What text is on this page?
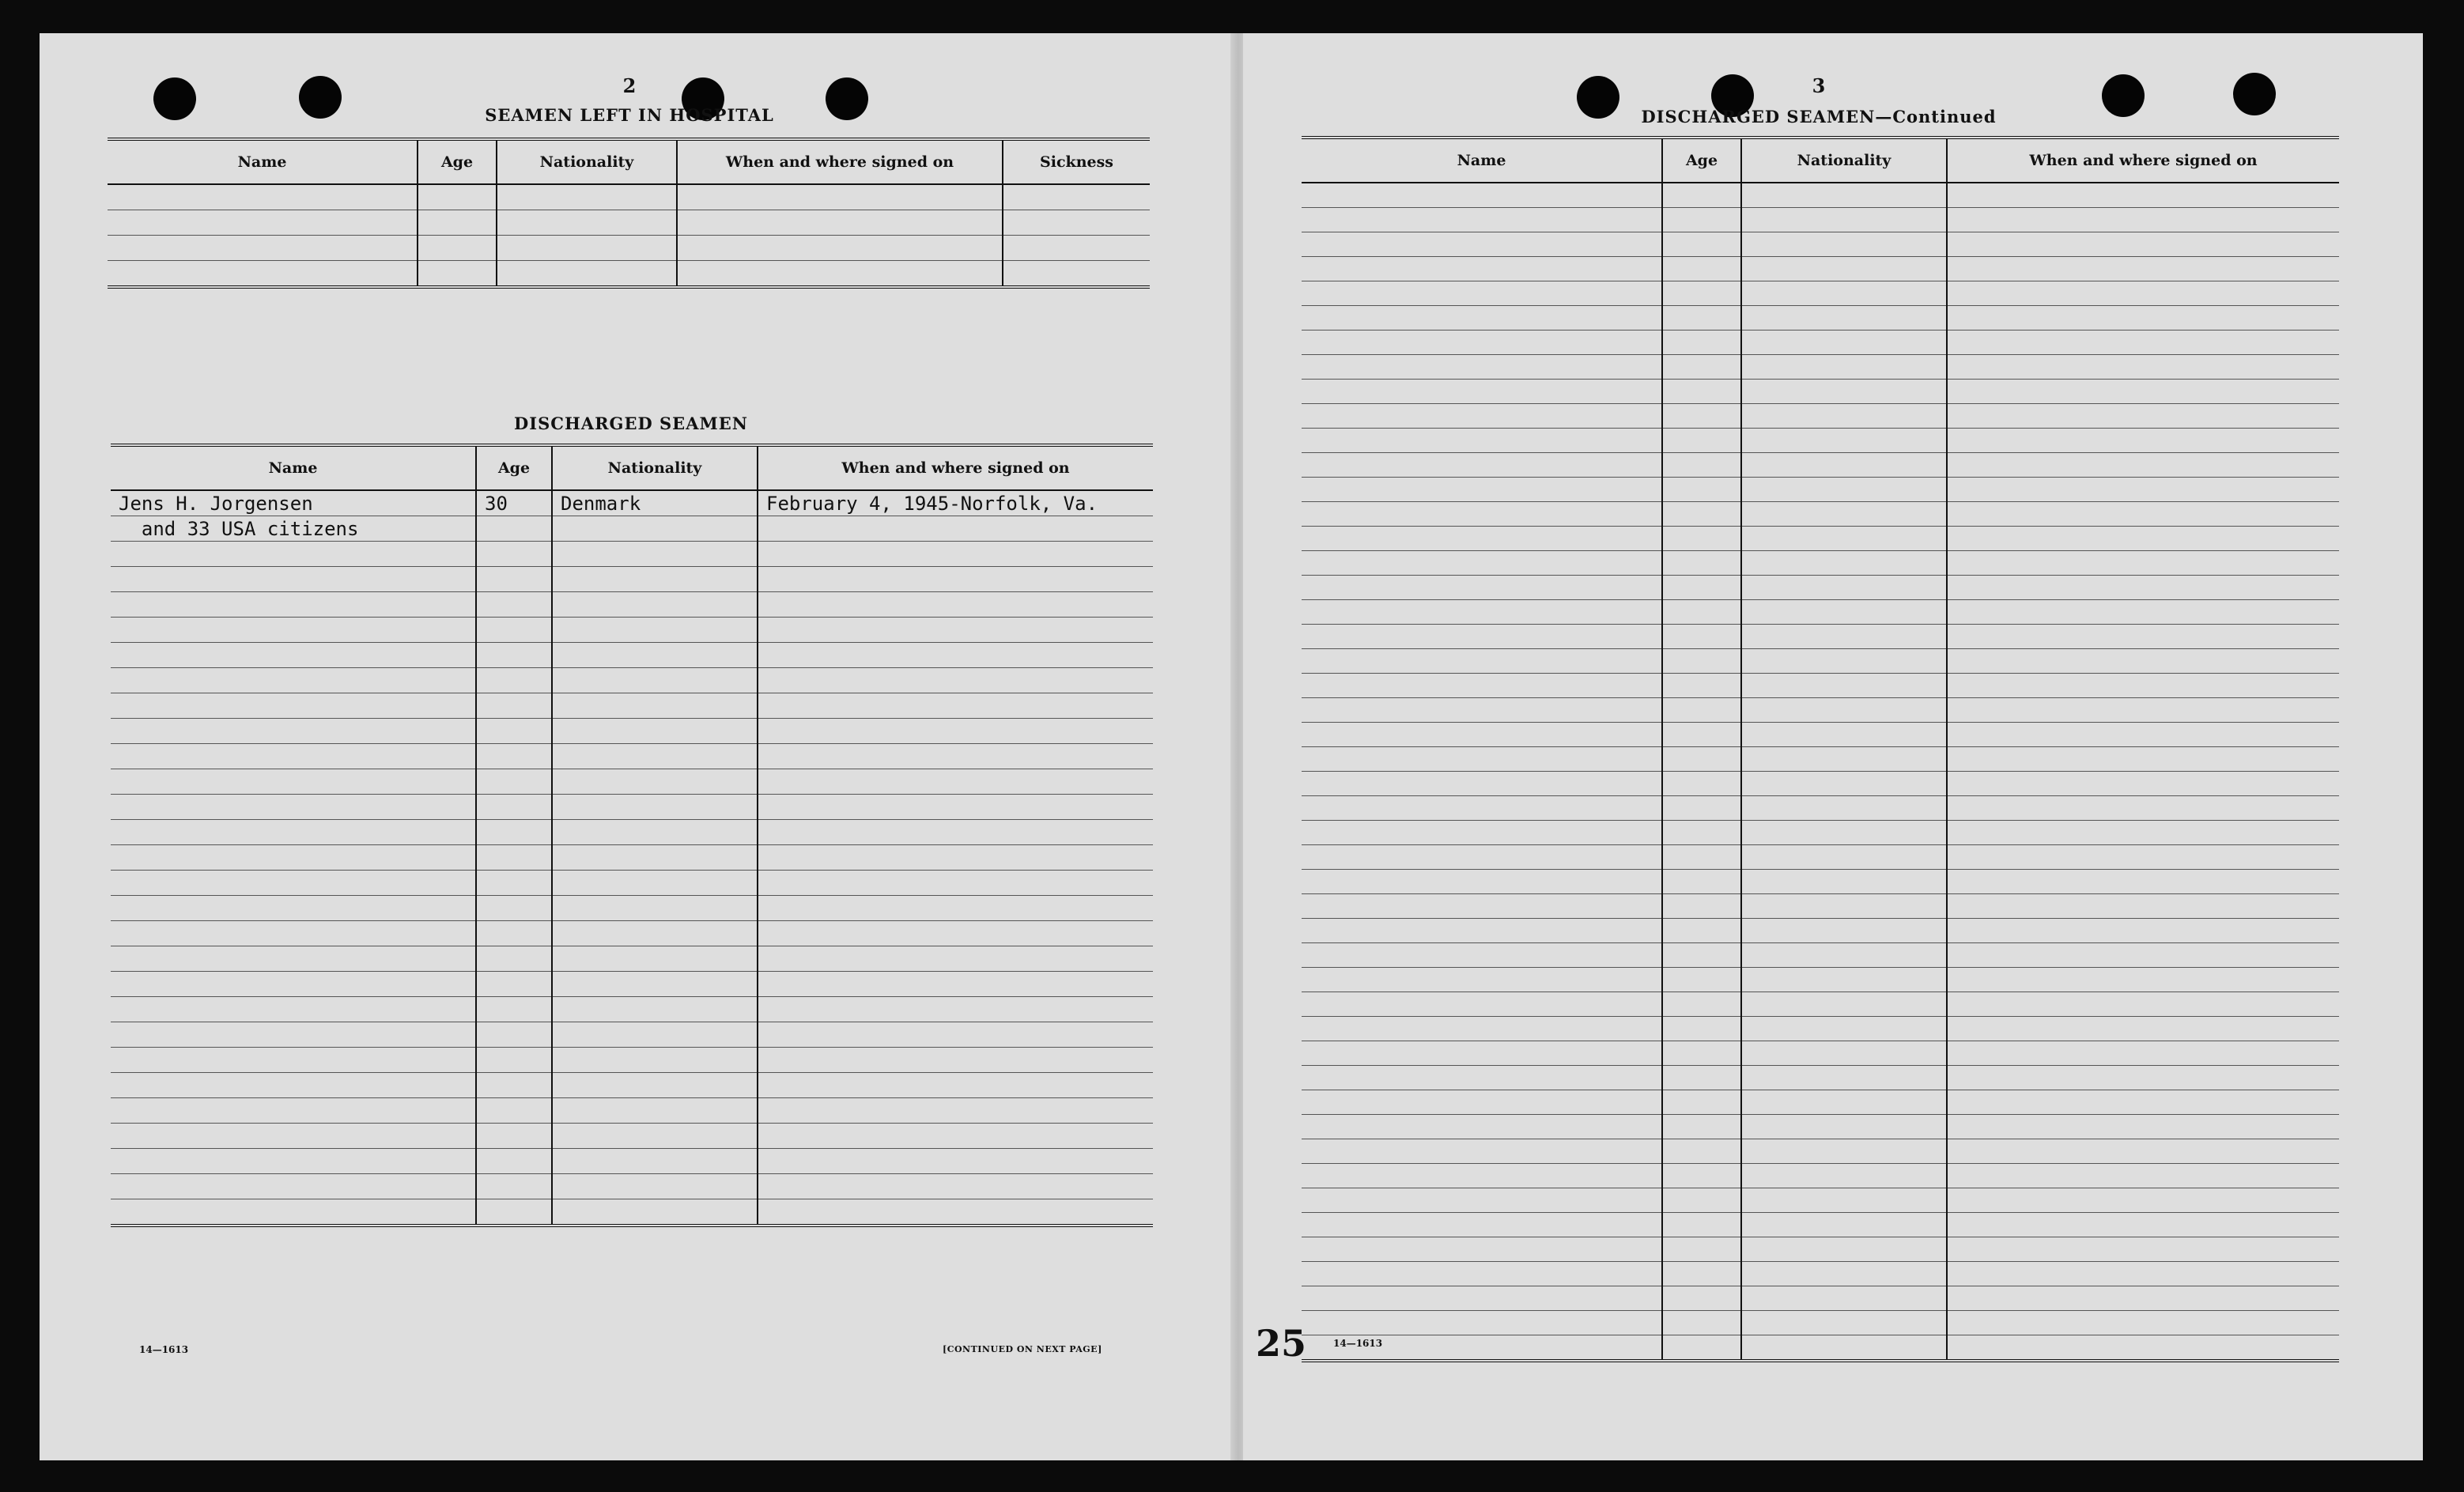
2
SEAMEN LEFT IN HOSPITAL
Name	Age	Nationality	When and where signed on	Sickness

DISCHARGED SEAMEN
Name	Age	Nationality	When and where signed on
Jens H. Jorgensen	30	Denmark	February 4, 1945-Norfolk, Va.
and 33 USA citizens			

14—1613	[CONTINUED ON NEXT PAGE]	25
3
DISCHARGED SEAMEN—Continued
Name	Age	Nationality	When and where signed on

14—1613
